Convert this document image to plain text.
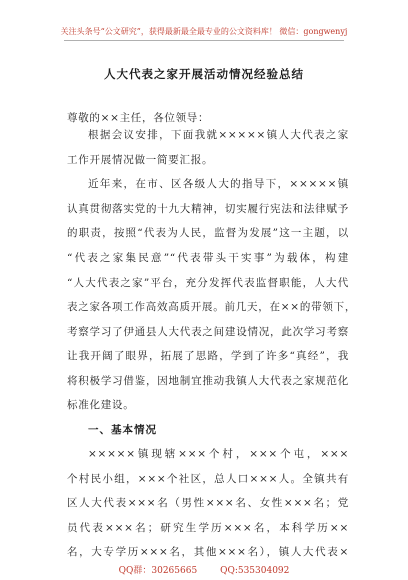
关注头条号“公文研究”，获得最新最全最专业的公文资料库！ 微信：gongwenyj
人大代表之家开展活动情况经验总结
尊敬的××主任，各位领导：
根据会议安排，下面我就×××××镇人大代表之家
工作开展情况做一简要汇报。
近年来，在市、区各级人大的指导下，×××××镇
认真贯彻落实党的十九大精神，切实履行宪法和法律赋予
的职责，按照“代表为人民，监督为发展”这一主题，以
“代表之家集民意”“代表带头干实事”为载体，构建
“人大代表之家”平台，充分发挥代表监督职能，人大代
表之家各项工作高效高质开展。前几天，在××的带领下，
考察学习了伊通县人大代表之间建设情况，此次学习考察
让我开阔了眼界，拓展了思路，学到了许多“真经”，我
将积极学习借鉴，因地制宜推动我镇人大代表之家规范化
标准化建设。
一、基本情况
×××××镇现辖×××个村，×××个屯，×××
个村民小组，×××个社区，总人口×××人。全镇共有
区人大代表×××名（男性×××名、女性×××名；党
员代表×××名；研究生学历×××名，本科学历××
名，大专学历×××名，其他×××名），镇人大代表×
QQ群：30265665	QQ:535304092
